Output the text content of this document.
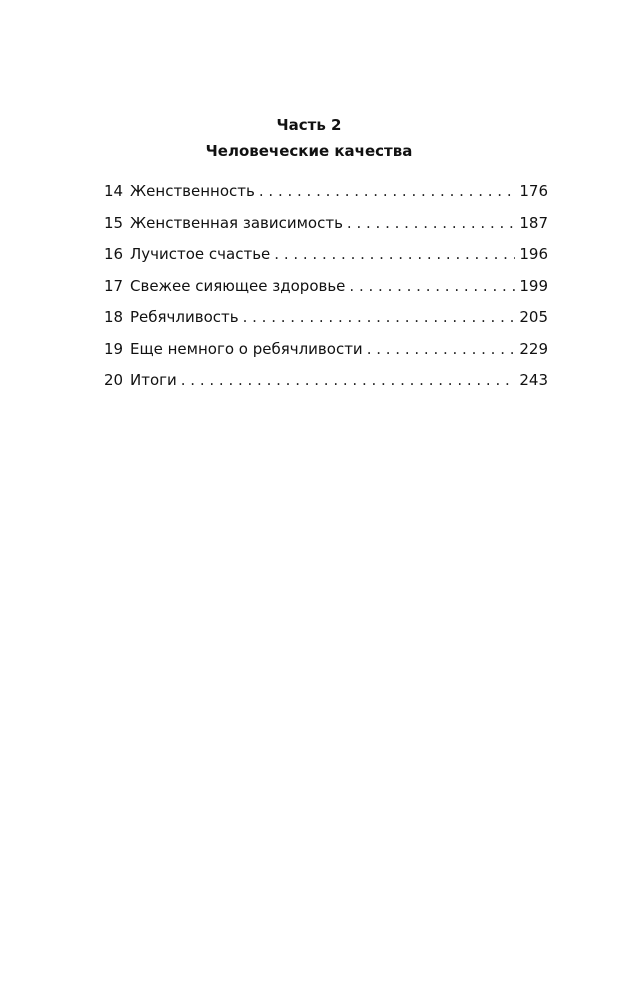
Часть 2
Человеческие качества
14 Женственность . . .	176
15 Женственная зависимость . . .	187
16 Лучистое счастье . . .	196
17 Свежее сияющее здоровье . . .	199
18 Ребячливость . . .	205
19 Еще немного о ребячливости . . .	229
20 Итоги . . .	243
